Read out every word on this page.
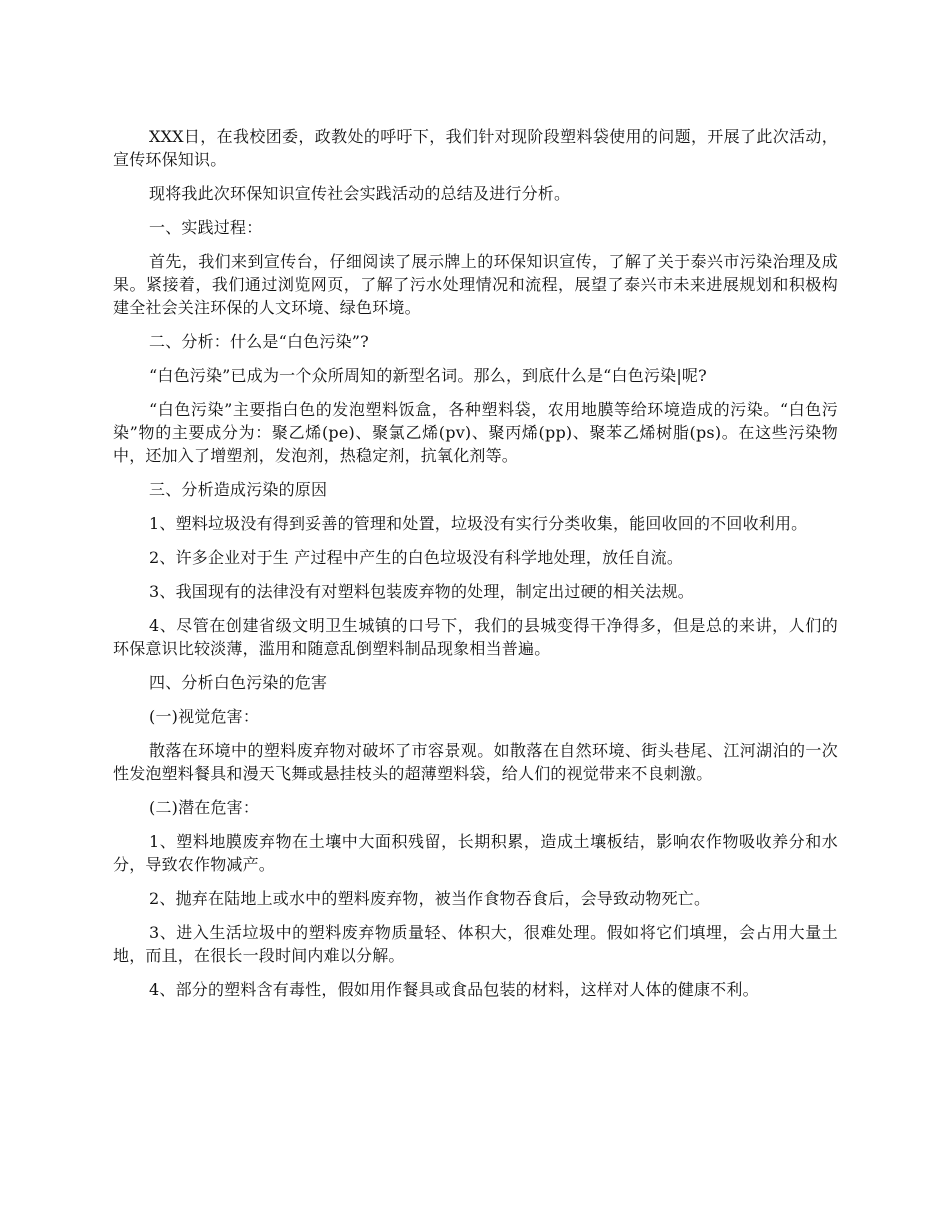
XXX日，在我校团委，政教处的呼吁下，我们针对现阶段塑料袋使用的问题，开展了此次活动，宣传环保知识。

现将我此次环保知识宣传社会实践活动的总结及进行分析。

一、实践过程：

首先，我们来到宣传台，仔细阅读了展示牌上的环保知识宣传，了解了关于泰兴市污染治理及成果。紧接着，我们通过浏览网页，了解了污水处理情况和流程，展望了泰兴市未来进展规划和积极构建全社会关注环保的人文环境、绿色环境。

二、分析：什么是“白色污染”?

“白色污染”已成为一个众所周知的新型名词。那么，到底什么是“白色污染|呢?

“白色污染”主要指白色的发泡塑料饭盒，各种塑料袋，农用地膜等给环境造成的污染。“白色污染”物的主要成分为：聚乙烯(pe)、聚氯乙烯(pv)、聚丙烯(pp)、聚苯乙烯树脂(ps)。在这些污染物中，还加入了增塑剂，发泡剂，热稳定剂，抗氧化剂等。

三、分析造成污染的原因

1、塑料垃圾没有得到妥善的管理和处置，垃圾没有实行分类收集，能回收回的不回收利用。

2、许多企业对于生 产过程中产生的白色垃圾没有科学地处理，放任自流。

3、我国现有的法律没有对塑料包装废弃物的处理，制定出过硬的相关法规。

4、尽管在创建省级文明卫生城镇的口号下，我们的县城变得干净得多，但是总的来讲，人们的环保意识比较淡薄，滥用和随意乱倒塑料制品现象相当普遍。

四、分析白色污染的危害

(一)视觉危害：

散落在环境中的塑料废弃物对破坏了市容景观。如散落在自然环境、街头巷尾、江河湖泊的一次性发泡塑料餐具和漫天飞舞或悬挂枝头的超薄塑料袋，给人们的视觉带来不良刺激。

(二)潜在危害：

1、塑料地膜废弃物在土壤中大面积残留，长期积累，造成土壤板结，影响农作物吸收养分和水分，导致农作物减产。

2、抛弃在陆地上或水中的塑料废弃物，被当作食物吞食后，会导致动物死亡。

3、进入生活垃圾中的塑料废弃物质量轻、体积大，很难处理。假如将它们填埋，会占用大量土地，而且，在很长一段时间内难以分解。

4、部分的塑料含有毒性，假如用作餐具或食品包装的材料，这样对人体的健康不利。
